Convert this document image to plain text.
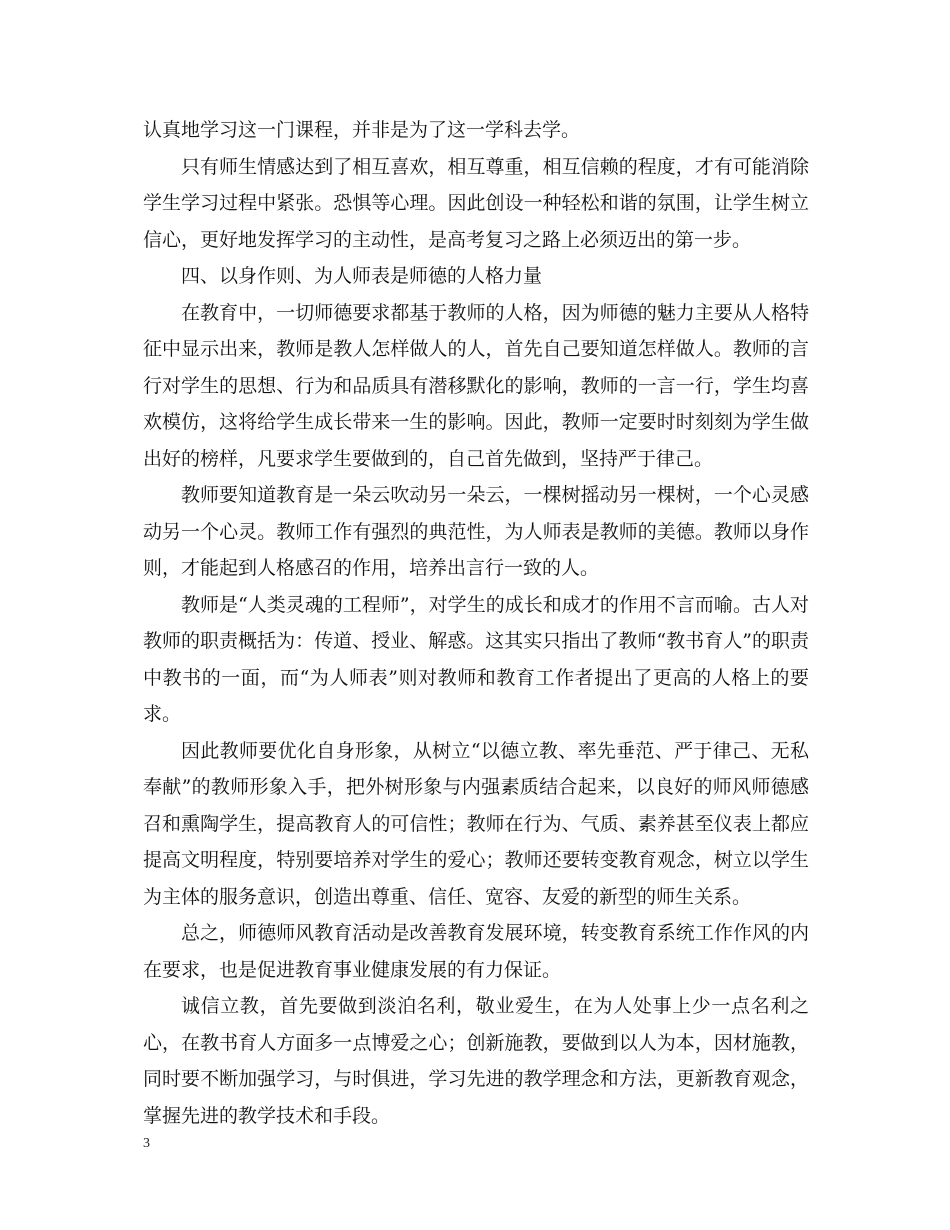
认真地学习这一门课程，并非是为了这一学科去学。

只有师生情感达到了相互喜欢，相互尊重，相互信赖的程度，才有可能消除学生学习过程中紧张。恐惧等心理。因此创设一种轻松和谐的氛围，让学生树立信心，更好地发挥学习的主动性，是高考复习之路上必须迈出的第一步。

四、以身作则、为人师表是师德的人格力量

在教育中，一切师德要求都基于教师的人格，因为师德的魅力主要从人格特征中显示出来，教师是教人怎样做人的人，首先自己要知道怎样做人。教师的言行对学生的思想、行为和品质具有潜移默化的影响，教师的一言一行，学生均喜欢模仿，这将给学生成长带来一生的影响。因此，教师一定要时时刻刻为学生做出好的榜样，凡要求学生要做到的，自己首先做到，坚持严于律己。

教师要知道教育是一朵云吹动另一朵云，一棵树摇动另一棵树，一个心灵感动另一个心灵。教师工作有强烈的典范性，为人师表是教师的美德。教师以身作则，才能起到人格感召的作用，培养出言行一致的人。

教师是“人类灵魂的工程师”，对学生的成长和成才的作用不言而喻。古人对教师的职责概括为：传道、授业、解惑。这其实只指出了教师“教书育人”的职责中教书的一面，而“为人师表”则对教师和教育工作者提出了更高的人格上的要求。

因此教师要优化自身形象，从树立“以德立教、率先垂范、严于律己、无私奉献”的教师形象入手，把外树形象与内强素质结合起来，以良好的师风师德感召和熏陶学生，提高教育人的可信性；教师在行为、气质、素养甚至仪表上都应提高文明程度，特别要培养对学生的爱心；教师还要转变教育观念，树立以学生为主体的服务意识，创造出尊重、信任、宽容、友爱的新型的师生关系。

总之，师德师风教育活动是改善教育发展环境，转变教育系统工作作风的内在要求，也是促进教育事业健康发展的有力保证。

诚信立教，首先要做到淡泊名利，敬业爱生，在为人处事上少一点名利之心，在教书育人方面多一点博爱之心；创新施教，要做到以人为本，因材施教，同时要不断加强学习，与时俱进，学习先进的教学理念和方法，更新教育观念，掌握先进的教学技术和手段。

3
